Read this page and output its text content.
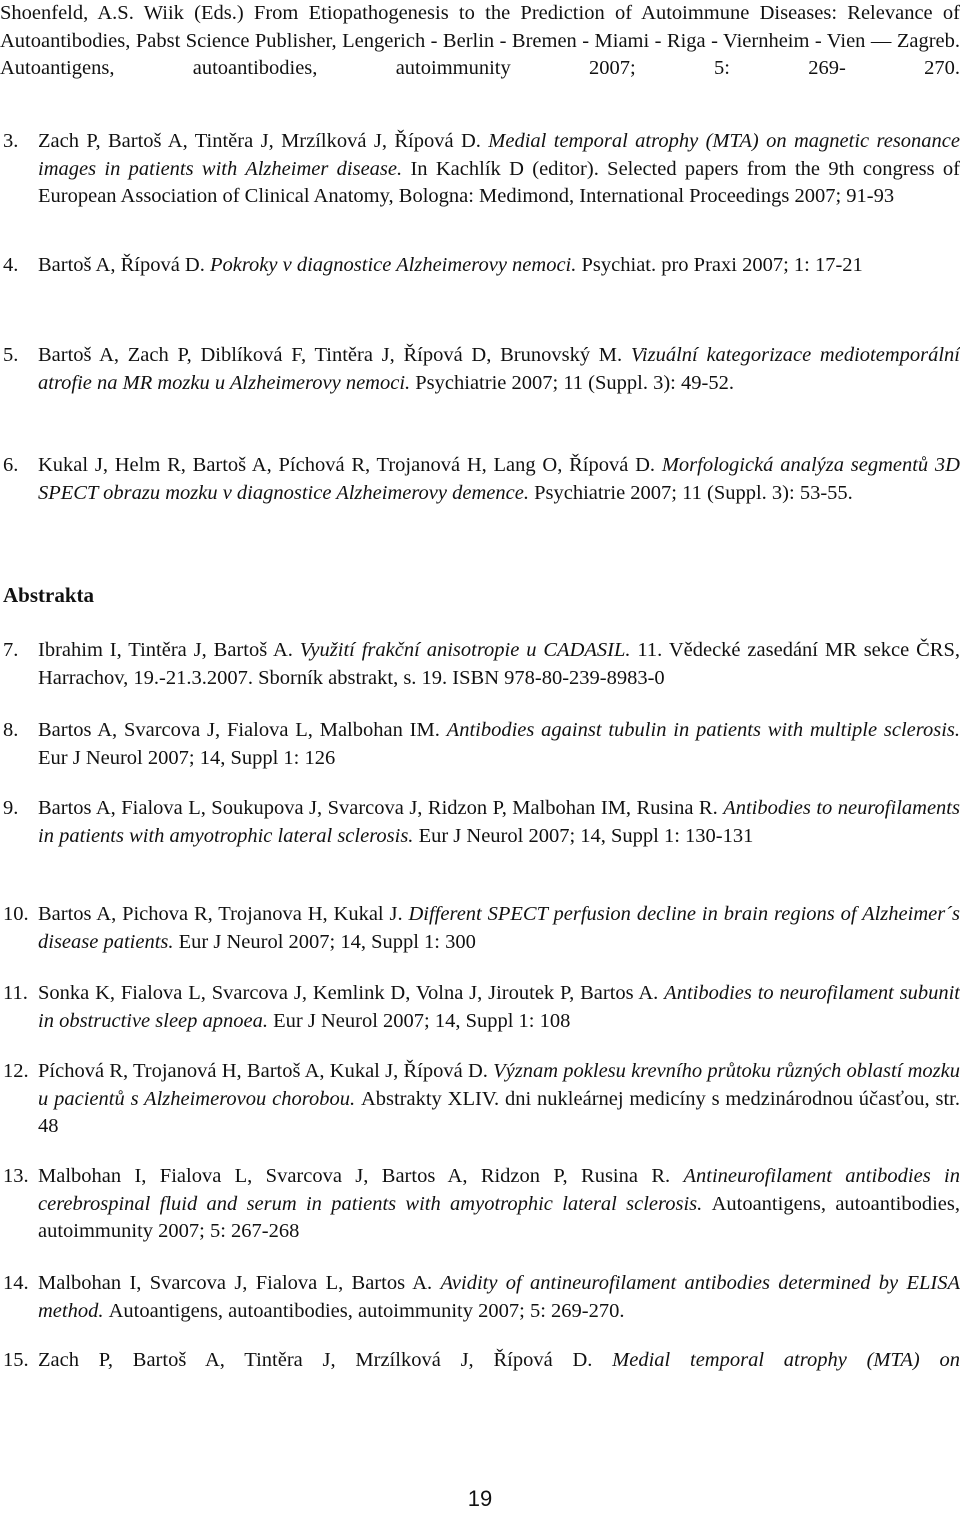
Shoenfeld, A.S. Wiik (Eds.) From Etiopathogenesis to the Prediction of Autoimmune Diseases: Relevance of Autoantibodies, Pabst Science Publisher, Lengerich - Berlin - Bremen - Miami - Riga - Viernheim - Vien — Zagreb. Autoantigens, autoantibodies, autoimmunity 2007; 5: 269- 270.
3. Zach P, Bartoš A, Tintěra J, Mrzílková J, Řípová D. Medial temporal atrophy (MTA) on magnetic resonance images in patients with Alzheimer disease. In Kachlík D (editor). Selected papers from the 9th congress of European Association of Clinical Anatomy, Bologna: Medimond, International Proceedings 2007; 91-93
4. Bartoš A, Řípová D. Pokroky v diagnostice Alzheimerovy nemoci. Psychiat. pro Praxi 2007; 1: 17-21
5. Bartoš A, Zach P, Diblíková F, Tintěra J, Řípová D, Brunovský M. Vizuální kategorizace mediotemporální atrofie na MR mozku u Alzheimerovy nemoci. Psychiatrie 2007; 11 (Suppl. 3): 49-52.
6. Kukal J, Helm R, Bartoš A, Píchová R, Trojanová H, Lang O, Řípová D. Morfologická analýza segmentů 3D SPECT obrazu mozku v diagnostice Alzheimerovy demence. Psychiatrie 2007; 11 (Suppl. 3): 53-55.
Abstrakta
7. Ibrahim I, Tintěra J, Bartoš A. Využití frakční anisotropie u CADASIL. 11. Vědecké zasedání MR sekce ČRS, Harrachov, 19.-21.3.2007. Sborník abstrakt, s. 19. ISBN 978-80-239-8983-0
8. Bartos A, Svarcova J, Fialova L, Malbohan IM. Antibodies against tubulin in patients with multiple sclerosis. Eur J Neurol 2007; 14, Suppl 1: 126
9. Bartos A, Fialova L, Soukupova J, Svarcova J, Ridzon P, Malbohan IM, Rusina R. Antibodies to neurofilaments in patients with amyotrophic lateral sclerosis. Eur J Neurol 2007; 14, Suppl 1: 130-131
10. Bartos A, Pichova R, Trojanova H, Kukal J. Different SPECT perfusion decline in brain regions of Alzheimer´s disease patients. Eur J Neurol 2007; 14, Suppl 1: 300
11. Sonka K, Fialova L, Svarcova J, Kemlink D, Volna J, Jiroutek P, Bartos A. Antibodies to neurofilament subunit in obstructive sleep apnoea. Eur J Neurol 2007; 14, Suppl 1: 108
12. Píchová R, Trojanová H, Bartoš A, Kukal J, Řípová D. Význam poklesu krevního průtoku různých oblastí mozku u pacientů s Alzheimerovou chorobou. Abstrakty XLIV. dni nukleárnej medicíny s medzinárodnou účasťou, str. 48
13. Malbohan I, Fialova L, Svarcova J, Bartos A, Ridzon P, Rusina R. Antineurofilament antibodies in cerebrospinal fluid and serum in patients with amyotrophic lateral sclerosis. Autoantigens, autoantibodies, autoimmunity 2007; 5: 267-268
14. Malbohan I, Svarcova J, Fialova L, Bartos A. Avidity of antineurofilament antibodies determined by ELISA method. Autoantigens, autoantibodies, autoimmunity 2007; 5: 269-270.
15. Zach P, Bartoš A, Tintěra J, Mrzílková J, Řípová D. Medial temporal atrophy (MTA) on
19
